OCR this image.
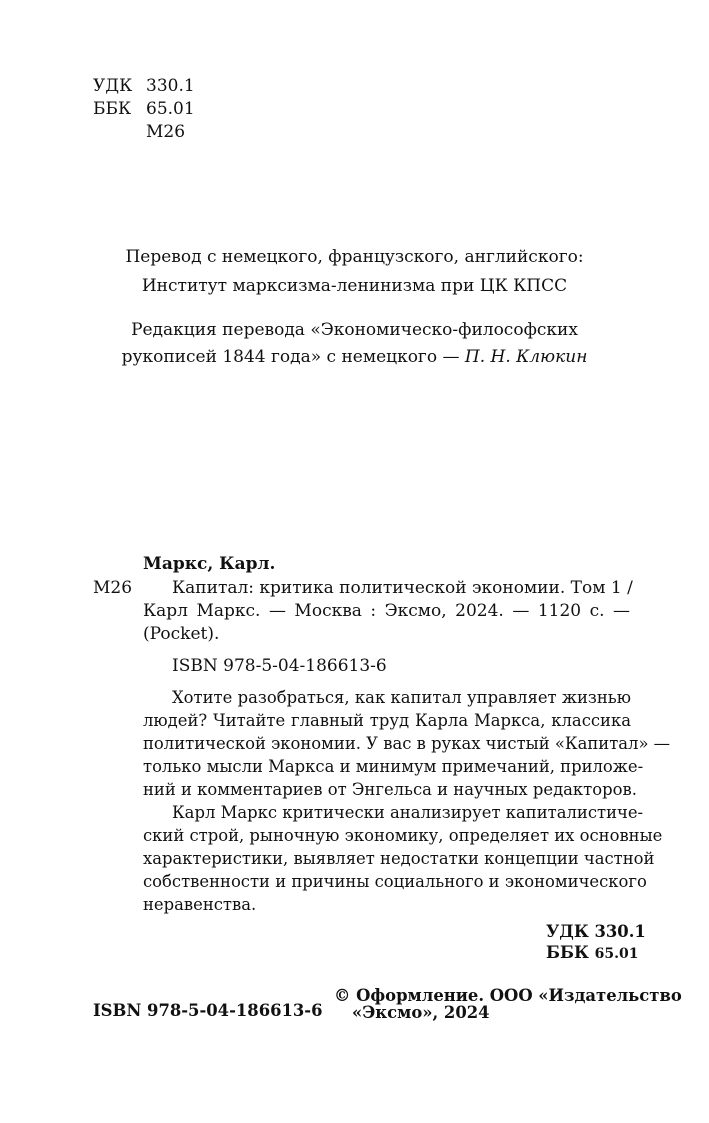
УДК 330.1
ББК 65.01
М26
Перевод с немецкого, французского, английского:
Институт марксизма-ленинизма при ЦК КПСС
Редакция перевода «Экономическо-философских
рукописей 1844 года» с немецкого — П. Н. Клюкин
Маркс, Карл.
М26 Капитал: критика политической экономии. Том 1 /
Карл Маркс. — Москва : Эксмо, 2024. — 1120 с. —
(Pocket).
ISBN 978-5-04-186613-6
Хотите разобраться, как капитал управляет жизнью
людей? Читайте главный труд Карла Маркса, классика
политической экономии. У вас в руках чистый «Капитал» —
только мысли Маркса и минимум примечаний, приложе-
ний и комментариев от Энгельса и научных редакторов.
Карл Маркс критически анализирует капиталистиче-
ский строй, рыночную экономику, определяет их основные
характеристики, выявляет недостатки концепции частной
собственности и причины социального и экономического
неравенства.
УДК 330.1
ББК 65.01
ISBN 978-5-04-186613-6
© Оформление. ООО «Издательство
«Эксмо», 2024
